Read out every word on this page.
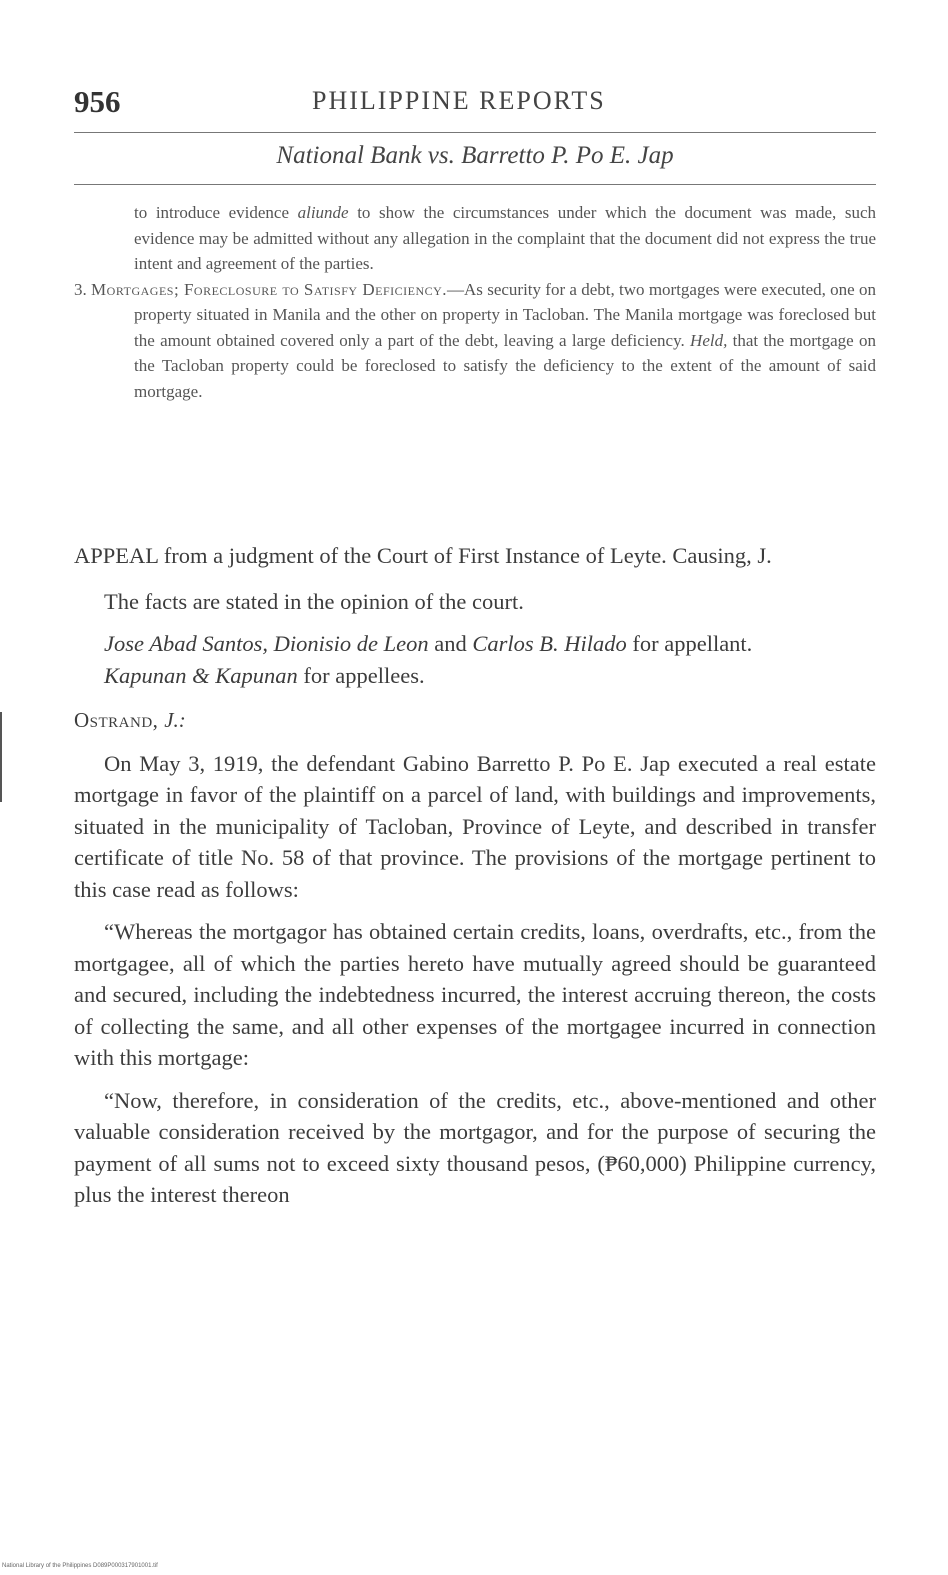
956	PHILIPPINE REPORTS
National Bank vs. Barretto P. Po E. Jap

to introduce evidence aliunde to show the circumstances under which the document was made, such evidence may be admitted without any allegation in the complaint that the document did not express the true intent and agreement of the parties.

3. Mortgages; Foreclosure to Satisfy Deficiency.—As security for a debt, two mortgages were executed, one on property situated in Manila and the other on property in Tacloban. The Manila mortgage was foreclosed but the amount obtained covered only a part of the debt, leaving a large deficiency. Held, that the mortgage on the Tacloban property could be foreclosed to satisfy the deficiency to the extent of the amount of said mortgage.

APPEAL from a judgment of the Court of First Instance of Leyte. Causing, J.

The facts are stated in the opinion of the court.

Jose Abad Santos, Dionisio de Leon and Carlos B. Hilado for appellant.

Kapunan & Kapunan for appellees.

Ostrand, J.:

On May 3, 1919, the defendant Gabino Barretto P. Po E. Jap executed a real estate mortgage in favor of the plaintiff on a parcel of land, with buildings and improvements, situated in the municipality of Tacloban, Province of Leyte, and described in transfer certificate of title No. 58 of that province. The provisions of the mortgage pertinent to this case read as follows:

“Whereas the mortgagor has obtained certain credits, loans, overdrafts, etc., from the mortgagee, all of which the parties hereto have mutually agreed should be guaranteed and secured, including the indebtedness incurred, the interest accruing thereon, the costs of collecting the same, and all other expenses of the mortgagee incurred in connection with this mortgage:

“Now, therefore, in consideration of the credits, etc., above-mentioned and other valuable consideration received by the mortgagor, and for the purpose of securing the payment of all sums not to exceed sixty thousand pesos, (₱60,000) Philippine currency, plus the interest thereon

National Library of the Philippines D089P000317901001.tif
